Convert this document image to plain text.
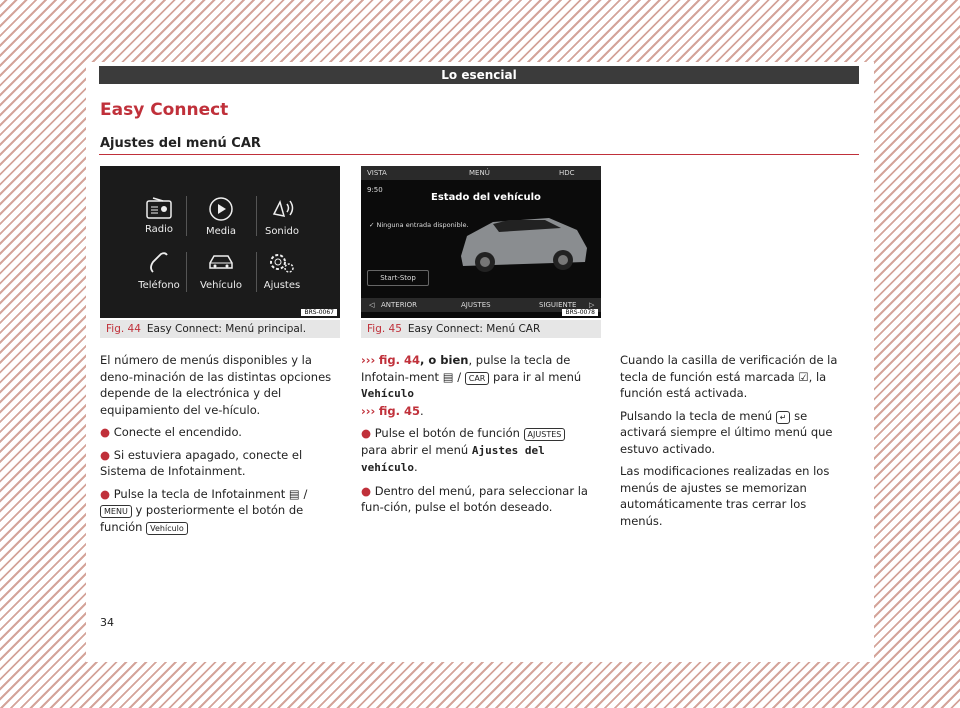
Lo esencial
Easy Connect
Ajustes del menú CAR
Radio	Media	Sonido
Teléfono	Vehículo	Ajustes
BRS-0067
Fig. 44 Easy Connect: Menú principal.
VISTA	MENÚ	HDC
9:50
Estado del vehículo
✓ Ninguna entrada disponible.
Start-Stop
◁ ANTERIOR	AJUSTES	SIGUIENTE ▷
BRS-0078
Fig. 45 Easy Connect: Menú CAR

El número de menús disponibles y la deno-minación de las distintas opciones depende de la electrónica y del equipamiento del ve-hículo.

● Conecte el encendido.

● Si estuviera apagado, conecte el Sistema de Infotainment.

● Pulse la tecla de Infotainment ▤ / MENU y posteriormente el botón de función Vehículo

››› fig. 44, o bien, pulse la tecla de Infotain-ment ▤ / CAR para ir al menú Vehículo
››› fig. 45.

● Pulse el botón de función AJUSTES para abrir el menú Ajustes del vehículo.

● Dentro del menú, para seleccionar la fun-ción, pulse el botón deseado.

Cuando la casilla de verificación de la tecla de función está marcada ☑, la función está activada.

Pulsando la tecla de menú ↵ se activará siempre el último menú que estuvo activado.

Las modificaciones realizadas en los menús de ajustes se memorizan automáticamente tras cerrar los menús.

34
